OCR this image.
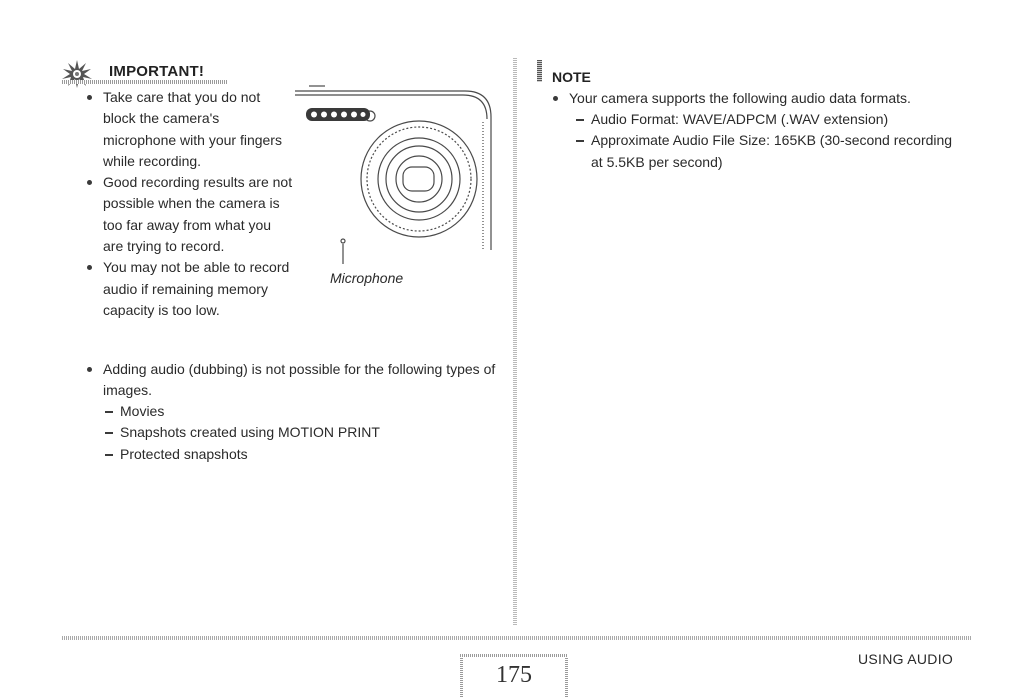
IMPORTANT!
Take care that you do not block the camera's microphone with your fingers while recording.
Good recording results are not possible when the camera is too far away from what you are trying to record.
You may not be able to record audio if remaining memory capacity is too low.
Microphone
Adding audio (dubbing) is not possible for the following types of images.
Movies
Snapshots created using MOTION PRINT
Protected snapshots
NOTE
Your camera supports the following audio data formats.
Audio Format: WAVE/ADPCM (.WAV extension)
Approximate Audio File Size: 165KB (30-second recording at 5.5KB per second)
175
USING AUDIO
